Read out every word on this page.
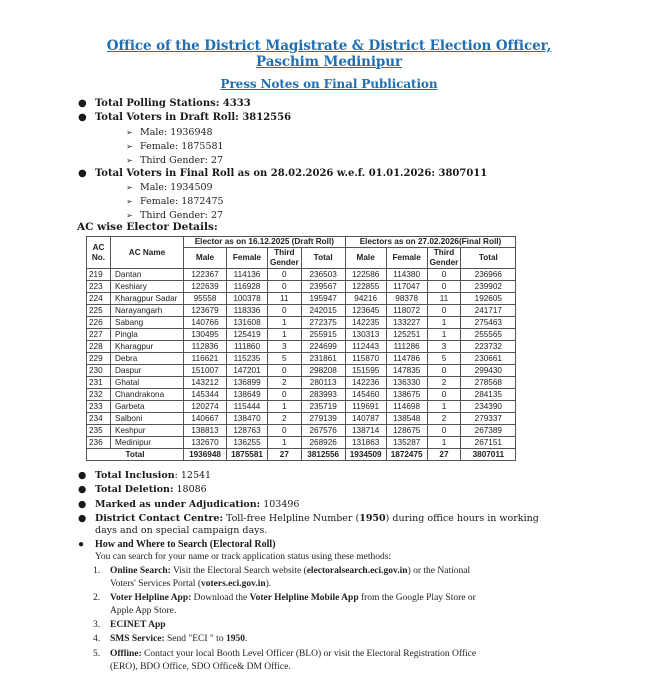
Office of the District Magistrate & District Election Officer,
Paschim Medinipur
Press Notes on Final Publication
● Total Polling Stations: 4333
● Total Voters in Draft Roll: 3812556
➢ Male: 1936948
➢ Female: 1875581
➢ Third Gender: 27
● Total Voters in Final Roll as on 28.02.2026 w.e.f. 01.01.2026: 3807011
➢ Male: 1934509
➢ Female: 1872475
➢ Third Gender: 27
AC wise Elector Details:
AC No.	AC Name	Elector as on 16.12.2025 (Draft Roll)				Electors as on 27.02.2026(Final Roll)			
		Male	Female	Third Gender	Total	Male	Female	Third Gender	Total
219	Dantan	122367	114136	0	236503	122586	114380	0	236966
223	Keshiary	122639	116928	0	239567	122855	117047	0	239902
224	Kharagpur Sadar	95558	100378	11	195947	94216	98378	11	192605
225	Narayangarh	123679	118336	0	242015	123645	118072	0	241717
226	Sabang	140766	131608	1	272375	142235	133227	1	275463
227	Pingla	130495	125419	1	255915	130313	125251	1	255565
228	Kharagpur	112836	111860	3	224699	112443	111286	3	223732
229	Debra	116621	115235	5	231861	115870	114786	5	230661
230	Daspur	151007	147201	0	298208	151595	147835	0	299430
231	Ghatal	143212	136899	2	280113	142236	136330	2	278568
232	Chandrakona	145344	138649	0	283993	145460	138675	0	284135
233	Garbeta	120274	115444	1	235719	119691	114698	1	234390
234	Salboni	140667	138470	2	279139	140787	138548	2	279337
235	Keshpur	138813	128763	0	267576	138714	128675	0	267389
236	Medinipur	132670	136255	1	268926	131863	135287	1	267151
Total		1936948	1875581	27	3812556	1934509	1872475	27	3807011
● Total Inclusion: 12541
● Total Deletion: 18086
● Marked as under Adjudication: 103496
● District Contact Centre: Toll-free Helpline Number (1950) during office hours in working
days and on special campaign days.
● How and Where to Search (Electoral Roll)
You can search for your name or track application status using these methods:
1. Online Search: Visit the Electoral Search website (electoralsearch.eci.gov.in) or the National
Voters' Services Portal (voters.eci.gov.in).
2. Voter Helpline App: Download the Voter Helpline Mobile App from the Google Play Store or
Apple App Store.
3. ECINET App
4. SMS Service: Send "ECI " to 1950.
5. Offline: Contact your local Booth Level Officer (BLO) or visit the Electoral Registration Office
(ERO), BDO Office, SDO Office& DM Office.
